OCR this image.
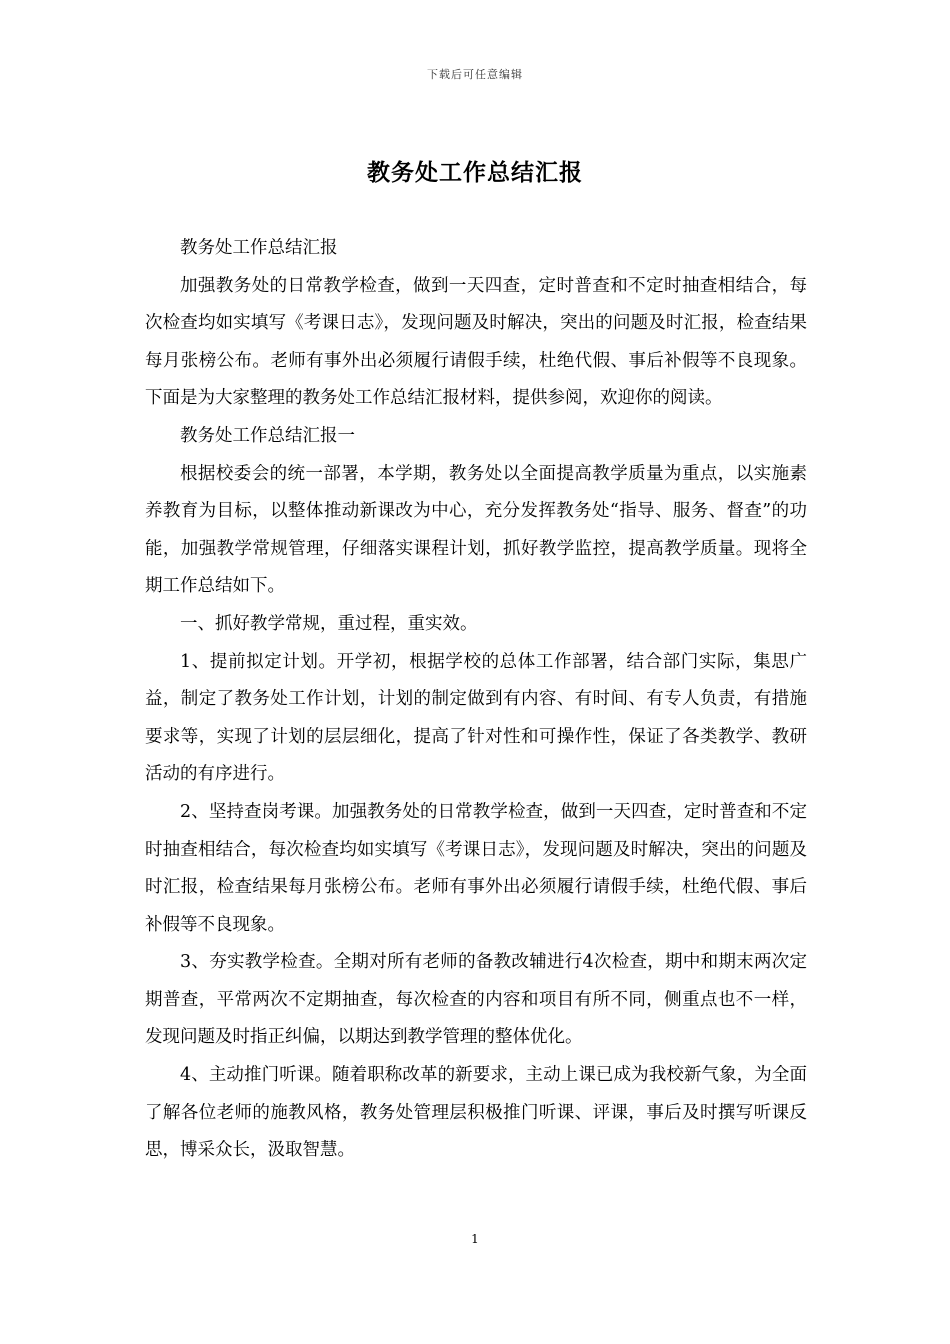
下载后可任意编辑
教务处工作总结汇报

教务处工作总结汇报

加强教务处的日常教学检查，做到一天四查，定时普查和不定时抽查相结合，每次检查均如实填写《考课日志》，发现问题及时解决，突出的问题及时汇报，检查结果每月张榜公布。老师有事外出必须履行请假手续，杜绝代假、事后补假等不良现象。下面是为大家整理的教务处工作总结汇报材料，提供参阅，欢迎你的阅读。

教务处工作总结汇报一

根据校委会的统一部署，本学期，教务处以全面提高教学质量为重点，以实施素养教育为目标，以整体推动新课改为中心，充分发挥教务处“指导、服务、督查”的功能，加强教学常规管理，仔细落实课程计划，抓好教学监控，提高教学质量。现将全期工作总结如下。

一、抓好教学常规，重过程，重实效。

1、提前拟定计划。开学初，根据学校的总体工作部署，结合部门实际，集思广益，制定了教务处工作计划，计划的制定做到有内容、有时间、有专人负责，有措施要求等，实现了计划的层层细化，提高了针对性和可操作性，保证了各类教学、教研活动的有序进行。

2、坚持查岗考课。加强教务处的日常教学检查，做到一天四查，定时普查和不定时抽查相结合，每次检查均如实填写《考课日志》，发现问题及时解决，突出的问题及时汇报，检查结果每月张榜公布。老师有事外出必须履行请假手续，杜绝代假、事后补假等不良现象。

3、夯实教学检查。全期对所有老师的备教改辅进行4次检查，期中和期末两次定期普查，平常两次不定期抽查，每次检查的内容和项目有所不同，侧重点也不一样，发现问题及时指正纠偏，以期达到教学管理的整体优化。

4、主动推门听课。随着职称改革的新要求，主动上课已成为我校新气象，为全面了解各位老师的施教风格，教务处管理层积极推门听课、评课，事后及时撰写听课反思，博采众长，汲取智慧。

1
